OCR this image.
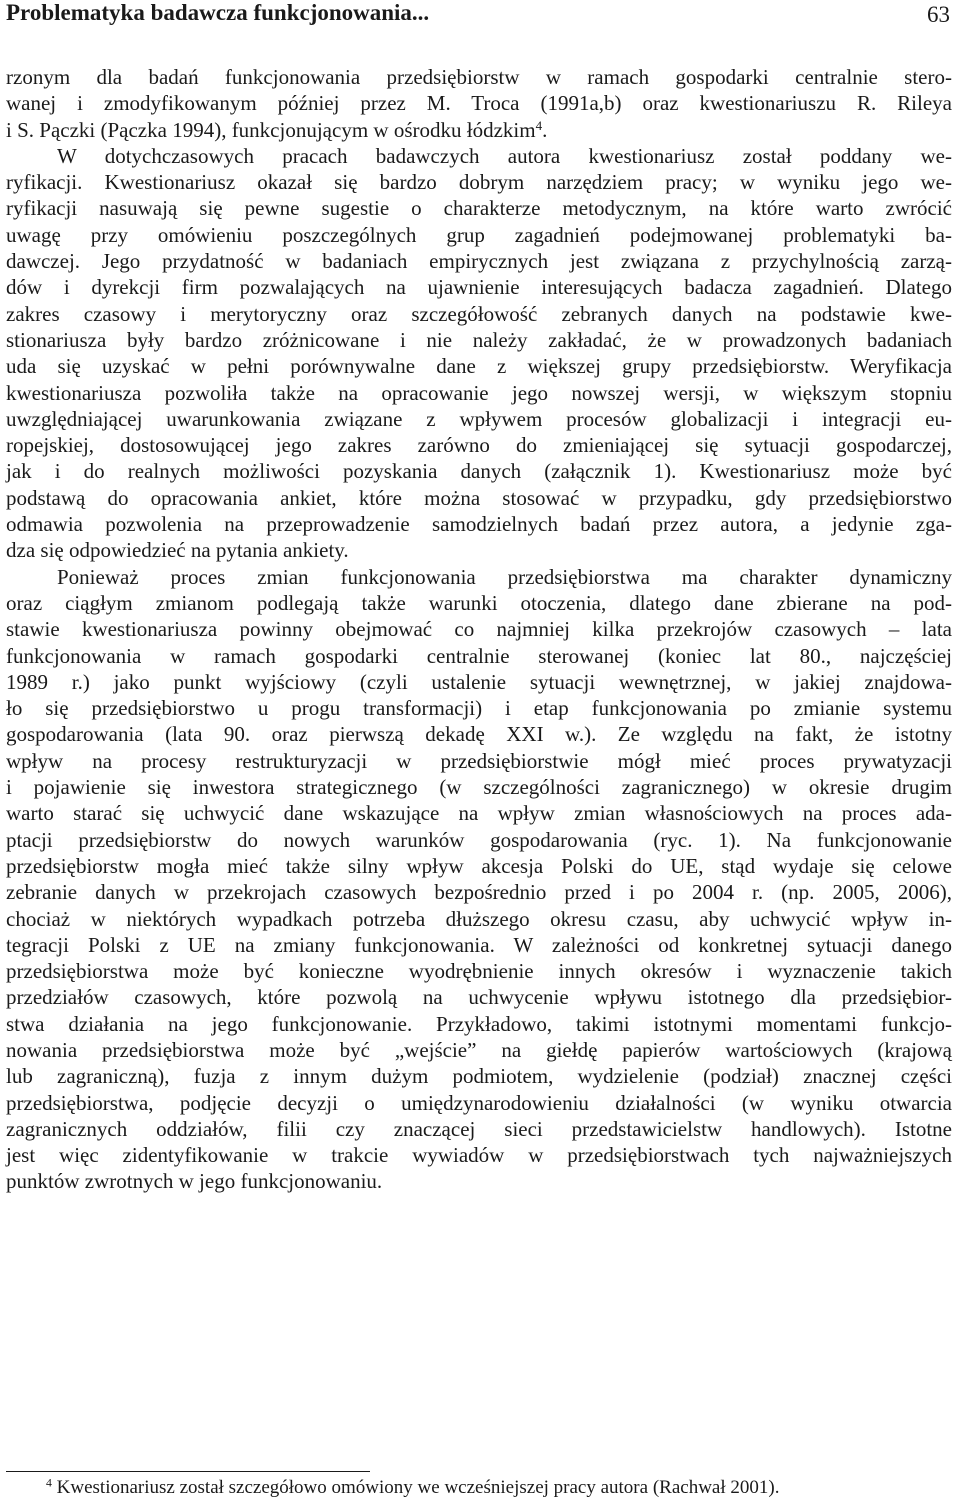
Problematyka badawcza funkcjonowania...	63
rzonym dla badań funkcjonowania przedsiębiorstw w ramach gospodarki centralnie stero-
wanej i zmodyfikowanym później przez M. Troca (1991a,b) oraz kwestionariuszu R. Rileya
i S. Pączki (Pączka 1994), funkcjonującym w ośrodku łódzkim$^4$.
W dotychczasowych pracach badawczych autora kwestionariusz został poddany we-
ryfikacji. Kwestionariusz okazał się bardzo dobrym narzędziem pracy; w wyniku jego we-
ryfikacji nasuwają się pewne sugestie o charakterze metodycznym, na które warto zwrócić
uwagę przy omówieniu poszczególnych grup zagadnień podejmowanej problematyki ba-
dawczej. Jego przydatność w badaniach empirycznych jest związana z przychylnością zarzą-
dów i dyrekcji firm pozwalających na ujawnienie interesujących badacza zagadnień. Dlatego
zakres czasowy i merytoryczny oraz szczegółowość zebranych danych na podstawie kwe-
stionariusza były bardzo zróżnicowane i nie należy zakładać, że w prowadzonych badaniach
uda się uzyskać w pełni porównywalne dane z większej grupy przedsiębiorstw. Weryfikacja
kwestionariusza pozwoliła także na opracowanie jego nowszej wersji, w większym stopniu
uwzględniającej uwarunkowania związane z wpływem procesów globalizacji i integracji eu-
ropejskiej, dostosowującej jego zakres zarówno do zmieniającej się sytuacji gospodarczej,
jak i do realnych możliwości pozyskania danych (załącznik 1). Kwestionariusz może być
podstawą do opracowania ankiet, które można stosować w przypadku, gdy przedsiębiorstwo
odmawia pozwolenia na przeprowadzenie samodzielnych badań przez autora, a jedynie zga-
dza się odpowiedzieć na pytania ankiety.
Ponieważ proces zmian funkcjonowania przedsiębiorstwa ma charakter dynamiczny
oraz ciągłym zmianom podlegają także warunki otoczenia, dlatego dane zbierane na pod-
stawie kwestionariusza powinny obejmować co najmniej kilka przekrojów czasowych – lata
funkcjonowania w ramach gospodarki centralnie sterowanej (koniec lat 80., najczęściej
1989 r.) jako punkt wyjściowy (czyli ustalenie sytuacji wewnętrznej, w jakiej znajdowa-
ło się przedsiębiorstwo u progu transformacji) i etap funkcjonowania po zmianie systemu
gospodarowania (lata 90. oraz pierwszą dekadę XXI w.). Ze względu na fakt, że istotny
wpływ na procesy restrukturyzacji w przedsiębiorstwie mógł mieć proces prywatyzacji
i pojawienie się inwestora strategicznego (w szczególności zagranicznego) w okresie drugim
warto starać się uchwycić dane wskazujące na wpływ zmian własnościowych na proces ada-
ptacji przedsiębiorstw do nowych warunków gospodarowania (ryc. 1). Na funkcjonowanie
przedsiębiorstw mogła mieć także silny wpływ akcesja Polski do UE, stąd wydaje się celowe
zebranie danych w przekrojach czasowych bezpośrednio przed i po 2004 r. (np. 2005, 2006),
chociaż w niektórych wypadkach potrzeba dłuższego okresu czasu, aby uchwycić wpływ in-
tegracji Polski z UE na zmiany funkcjonowania. W zależności od konkretnej sytuacji danego
przedsiębiorstwa może być konieczne wyodrębnienie innych okresów i wyznaczenie takich
przedziałów czasowych, które pozwolą na uchwycenie wpływu istotnego dla przedsiębior-
stwa działania na jego funkcjonowanie. Przykładowo, takimi istotnymi momentami funkcjo-
nowania przedsiębiorstwa może być „wejście” na giełdę papierów wartościowych (krajową
lub zagraniczną), fuzja z innym dużym podmiotem, wydzielenie (podział) znacznej części
przedsiębiorstwa, podjęcie decyzji o umiędzynarodowieniu działalności (w wyniku otwarcia
zagranicznych oddziałów, filii czy znaczącej sieci przedstawicielstw handlowych). Istotne
jest więc zidentyfikowanie w trakcie wywiadów w przedsiębiorstwach tych najważniejszych
punktów zwrotnych w jego funkcjonowaniu.
$^4$ Kwestionariusz został szczegółowo omówiony we wcześniejszej pracy autora (Rachwał 2001).
